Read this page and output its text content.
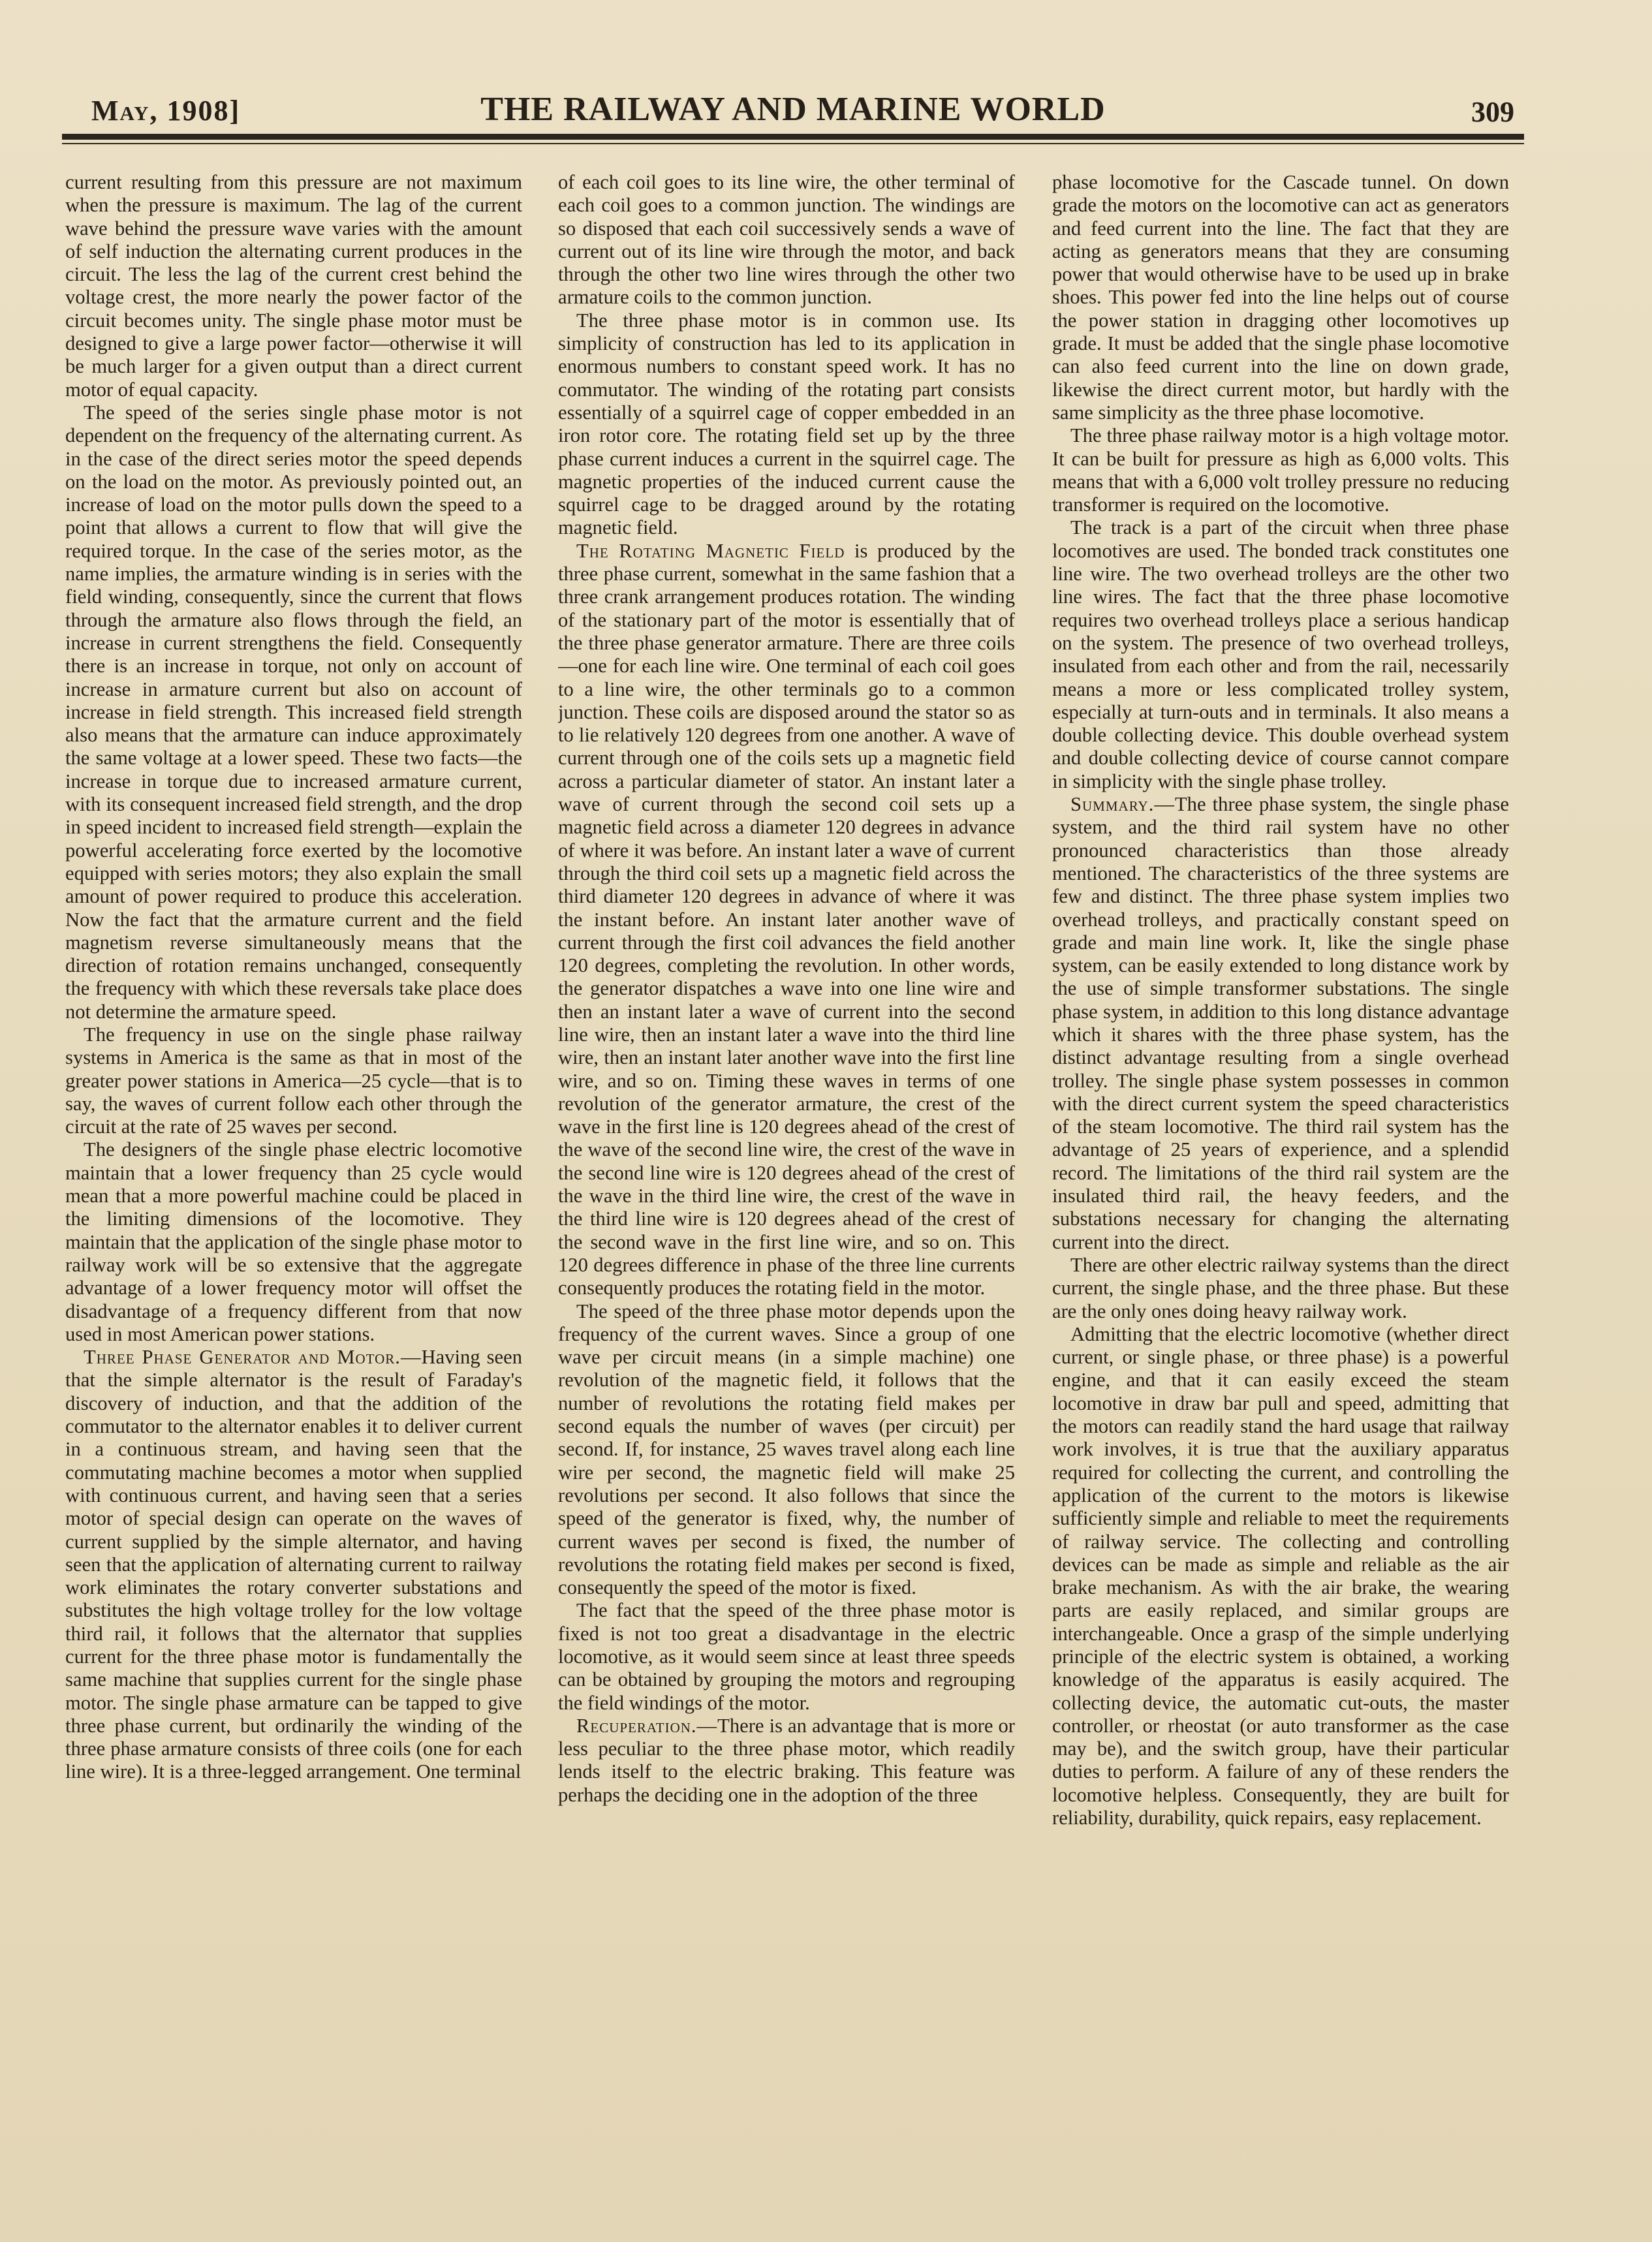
May, 1908]	THE RAILWAY AND MARINE WORLD	309

current resulting from this pressure are not maximum when the pressure is maximum. The lag of the current wave behind the pressure wave varies with the amount of self induction the alternating current produces in the circuit. The less the lag of the current crest behind the voltage crest, the more nearly the power factor of the circuit becomes unity. The single phase motor must be designed to give a large power factor—otherwise it will be much larger for a given output than a direct current motor of equal capacity.

The speed of the series single phase motor is not dependent on the frequency of the alternating current. As in the case of the direct series motor the speed depends on the load on the motor. As previously pointed out, an increase of load on the motor pulls down the speed to a point that allows a current to flow that will give the required torque. In the case of the series motor, as the name implies, the armature winding is in series with the field winding, consequently, since the current that flows through the armature also flows through the field, an increase in current strengthens the field. Consequently there is an increase in torque, not only on account of increase in armature current but also on account of increase in field strength. This increased field strength also means that the armature can induce approximately the same voltage at a lower speed. These two facts—the increase in torque due to increased armature current, with its consequent increased field strength, and the drop in speed incident to increased field strength—explain the powerful accelerating force exerted by the locomotive equipped with series motors; they also explain the small amount of power required to produce this acceleration. Now the fact that the armature current and the field magnetism reverse simultaneously means that the direction of rotation remains unchanged, consequently the frequency with which these reversals take place does not determine the armature speed.

The frequency in use on the single phase railway systems in America is the same as that in most of the greater power stations in America—25 cycle—that is to say, the waves of current follow each other through the circuit at the rate of 25 waves per second.

The designers of the single phase electric locomotive maintain that a lower frequency than 25 cycle would mean that a more powerful machine could be placed in the limiting dimensions of the locomotive. They maintain that the application of the single phase motor to railway work will be so extensive that the aggregate advantage of a lower frequency motor will offset the disadvantage of a frequency different from that now used in most American power stations.

Three Phase Generator and Motor.—Having seen that the simple alternator is the result of Faraday's discovery of induction, and that the addition of the commutator to the alternator enables it to deliver current in a continuous stream, and having seen that the commutating machine becomes a motor when supplied with continuous current, and having seen that a series motor of special design can operate on the waves of current supplied by the simple alternator, and having seen that the application of alternating current to railway work eliminates the rotary converter substations and substitutes the high voltage trolley for the low voltage third rail, it follows that the alternator that supplies current for the three phase motor is fundamentally the same machine that supplies current for the single phase motor. The single phase armature can be tapped to give three phase current, but ordinarily the winding of the three phase armature consists of three coils (one for each line wire). It is a three-legged arrangement. One terminal

of each coil goes to its line wire, the other terminal of each coil goes to a common junction. The windings are so disposed that each coil successively sends a wave of current out of its line wire through the motor, and back through the other two line wires through the other two armature coils to the common junction.

The three phase motor is in common use. Its simplicity of construction has led to its application in enormous numbers to constant speed work. It has no commutator. The winding of the rotating part consists essentially of a squirrel cage of copper embedded in an iron rotor core. The rotating field set up by the three phase current induces a current in the squirrel cage. The magnetic properties of the induced current cause the squirrel cage to be dragged around by the rotating magnetic field.

The Rotating Magnetic Field is produced by the three phase current, somewhat in the same fashion that a three crank arrangement produces rotation. The winding of the stationary part of the motor is essentially that of the three phase generator armature. There are three coils—one for each line wire. One terminal of each coil goes to a line wire, the other terminals go to a common junction. These coils are disposed around the stator so as to lie relatively 120 degrees from one another. A wave of current through one of the coils sets up a magnetic field across a particular diameter of stator. An instant later a wave of current through the second coil sets up a magnetic field across a diameter 120 degrees in advance of where it was before. An instant later a wave of current through the third coil sets up a magnetic field across the third diameter 120 degrees in advance of where it was the instant before. An instant later another wave of current through the first coil advances the field another 120 degrees, completing the revolution. In other words, the generator dispatches a wave into one line wire and then an instant later a wave of current into the second line wire, then an instant later a wave into the third line wire, then an instant later another wave into the first line wire, and so on. Timing these waves in terms of one revolution of the generator armature, the crest of the wave in the first line is 120 degrees ahead of the crest of the wave of the second line wire, the crest of the wave in the second line wire is 120 degrees ahead of the crest of the wave in the third line wire, the crest of the wave in the third line wire is 120 degrees ahead of the crest of the second wave in the first line wire, and so on. This 120 degrees difference in phase of the three line currents consequently produces the rotating field in the motor.

The speed of the three phase motor depends upon the frequency of the current waves. Since a group of one wave per circuit means (in a simple machine) one revolution of the magnetic field, it follows that the number of revolutions the rotating field makes per second equals the number of waves (per circuit) per second. If, for instance, 25 waves travel along each line wire per second, the magnetic field will make 25 revolutions per second. It also follows that since the speed of the generator is fixed, why, the number of current waves per second is fixed, the number of revolutions the rotating field makes per second is fixed, consequently the speed of the motor is fixed.

The fact that the speed of the three phase motor is fixed is not too great a disadvantage in the electric locomotive, as it would seem since at least three speeds can be obtained by grouping the motors and regrouping the field windings of the motor.

Recuperation.—There is an advantage that is more or less peculiar to the three phase motor, which readily lends itself to the electric braking. This feature was perhaps the deciding one in the adoption of the three

phase locomotive for the Cascade tunnel. On down grade the motors on the locomotive can act as generators and feed current into the line. The fact that they are acting as generators means that they are consuming power that would otherwise have to be used up in brake shoes. This power fed into the line helps out of course the power station in dragging other locomotives up grade. It must be added that the single phase locomotive can also feed current into the line on down grade, likewise the direct current motor, but hardly with the same simplicity as the three phase locomotive.

The three phase railway motor is a high voltage motor. It can be built for pressure as high as 6,000 volts. This means that with a 6,000 volt trolley pressure no reducing transformer is required on the locomotive.

The track is a part of the circuit when three phase locomotives are used. The bonded track constitutes one line wire. The two overhead trolleys are the other two line wires. The fact that the three phase locomotive requires two overhead trolleys place a serious handicap on the system. The presence of two overhead trolleys, insulated from each other and from the rail, necessarily means a more or less complicated trolley system, especially at turn-outs and in terminals. It also means a double collecting device. This double overhead system and double collecting device of course cannot compare in simplicity with the single phase trolley.

Summary.—The three phase system, the single phase system, and the third rail system have no other pronounced characteristics than those already mentioned. The characteristics of the three systems are few and distinct. The three phase system implies two overhead trolleys, and practically constant speed on grade and main line work. It, like the single phase system, can be easily extended to long distance work by the use of simple transformer substations. The single phase system, in addition to this long distance advantage which it shares with the three phase system, has the distinct advantage resulting from a single overhead trolley. The single phase system possesses in common with the direct current system the speed characteristics of the steam locomotive. The third rail system has the advantage of 25 years of experience, and a splendid record. The limitations of the third rail system are the insulated third rail, the heavy feeders, and the substations necessary for changing the alternating current into the direct.

There are other electric railway systems than the direct current, the single phase, and the three phase. But these are the only ones doing heavy railway work.

Admitting that the electric locomotive (whether direct current, or single phase, or three phase) is a powerful engine, and that it can easily exceed the steam locomotive in draw bar pull and speed, admitting that the motors can readily stand the hard usage that railway work involves, it is true that the auxiliary apparatus required for collecting the current, and controlling the application of the current to the motors is likewise sufficiently simple and reliable to meet the requirements of railway service. The collecting and controlling devices can be made as simple and reliable as the air brake mechanism. As with the air brake, the wearing parts are easily replaced, and similar groups are interchangeable. Once a grasp of the simple underlying principle of the electric system is obtained, a working knowledge of the apparatus is easily acquired. The collecting device, the automatic cut-outs, the master controller, or rheostat (or auto transformer as the case may be), and the switch group, have their particular duties to perform. A failure of any of these renders the locomotive helpless. Consequently, they are built for reliability, durability, quick repairs, easy replacement.
